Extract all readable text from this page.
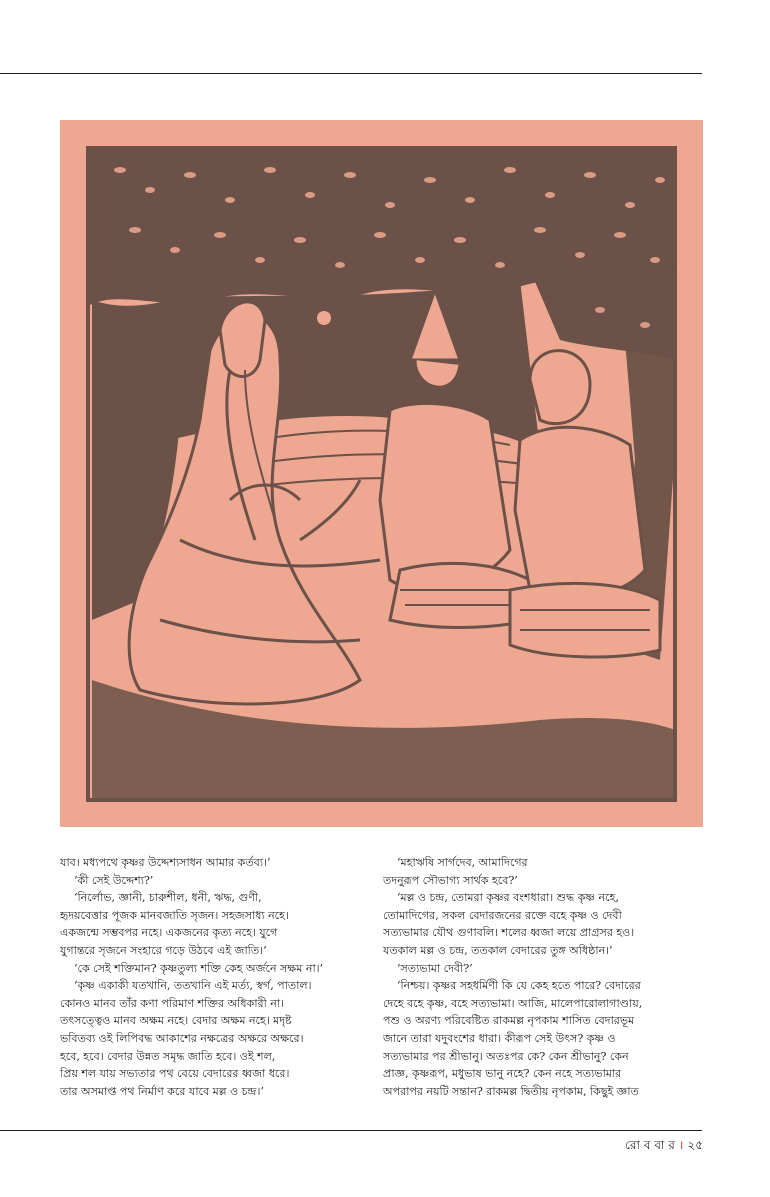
যাব। মধ্যপথে কৃষ্ণর উদ্দেশ্যসাধন আমার কর্তব্য।’
‘কী সেই উদ্দেশ্য?’
‘নির্লোভ, জ্ঞানী, চারুশীল, ধনী, ঋদ্ধ, গুণী,
হৃদয়বেত্তার পূজক মানবজাতি সৃজন। সহজসাধ্য নহে।
একজন্মে সম্ভবপর নহে। একজনের কৃত্য নহে। যুগে
যুগান্তরে সৃজনে সংহারে গড়ে উঠবে এই জাতি।’
‘কে সেই শক্তিমান? কৃষ্ণতুল্য শক্তি কেহ অর্জনে সক্ষম না।’
‘কৃষ্ণ একাকী যতখানি, ততখানি এই মর্ত্য, স্বর্গ, পাতাল।
কোনও মানব তাঁর কণা পরিমাণ শক্তির অধিকারী না।
তৎসত্ত্বেও মানব অক্ষম নহে। বেদার অক্ষম নহে। মদৃষ্ট
ভবিতব্য ওই লিপিবদ্ধ আকাশের নক্ষত্রের অক্ষরে অক্ষরে।
হবে, হবে। বেদার উন্নত সমৃদ্ধ জাতি হবে। ওই শল,
প্রিয় শল যায় সভ্যতার পথ বেয়ে বেদারের ধ্বজা ধরে।
তার অসমাপ্ত পথ নির্মাণ করে যাবে মল্ল ও চন্দ্র।’
‘মহাঋষি সার্গদেব, আমাদিগের
তদনুরূপ সৌভাগ্য সার্থক হবে?’
‘মল্ল ও চন্দ্র, তোমরা কৃষ্ণর বংশধারা। শুদ্ধ কৃষ্ণ নহে,
তোমাদিগের, সকল বেদারজনের রক্তে বহে কৃষ্ণ ও দেবী
সত্যভামার যৌথ গুণাবলি। শলের ধ্বজা লয়ে প্রাগ্রসর হও।
যতকাল মল্ল ও চন্দ্র, ততকাল বেদারের তুঙ্গ অধিষ্ঠান।’
‘সত্যভামা দেবী?’
‘নিশ্চয়। কৃষ্ণর সহধর্মিণী কি যে কেহ হতে পারে? বেদারের
দেহে বহে কৃষ্ণ, বহে সত্যভামা। আজি, মালেপারোলাগাণ্ডায়,
পশু ও অরণ্য পরিবেষ্টিত রাকমল্ল নৃপকাম শাসিত বেদারভূম
জানে তারা যদুবংশের ধারা। কীরূপ সেই উৎস? কৃষ্ণ ও
সত্যভামার পর শ্রীভানু। অতঃপর কে? কেন শ্রীভানু? কেন
প্রাজ্ঞ, কৃষ্ণরূপ, মধুভাষ ভানু নহে? কেন নহে সত্যভামার
অপরাপর নয়টি সন্তান? রাকমল্ল দ্বিতীয় নৃপকাম, কিছুই জ্ঞাত
রো ব বা র । ২৫
